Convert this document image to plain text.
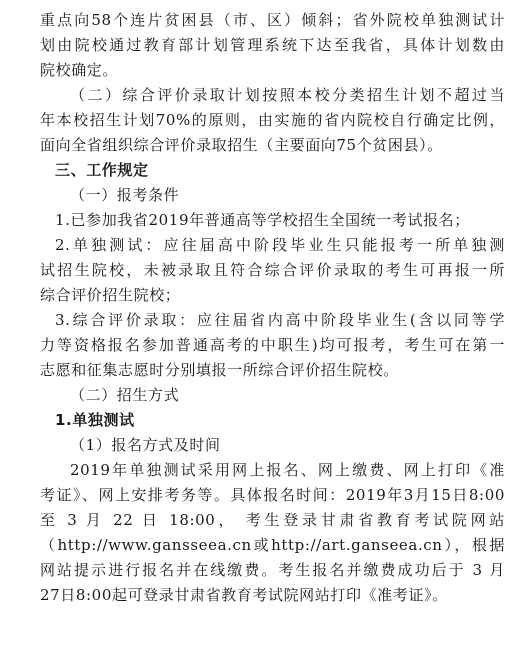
重点向58个连片贫困县（市、区）倾斜；省外院校单独测试计
划由院校通过教育部计划管理系统下达至我省，具体计划数由
院校确定。
（二）综合评价录取计划按照本校分类招生计划不超过当
年本校招生计划70%的原则，由实施的省内院校自行确定比例，
面向全省组织综合评价录取招生（主要面向75个贫困县）。
三、工作规定
（一）报考条件
1.已参加我省2019年普通高等学校招生全国统一考试报名；
2.单独测试：应往届高中阶段毕业生只能报考一所单独测
试招生院校，未被录取且符合综合评价录取的考生可再报一所
综合评价招生院校；
3.综合评价录取：应往届省内高中阶段毕业生(含以同等学
力等资格报名参加普通高考的中职生)均可报考，考生可在第一
志愿和征集志愿时分别填报一所综合评价招生院校。
（二）招生方式
1.单独测试
（1）报名方式及时间
2019年单独测试采用网上报名、网上缴费、网上打印《准
考证》、网上安排考务等。具体报名时间：2019年3月15日8:00
至 3 月 22 日 18:00， 考生登录甘肃省教育考试院网站
（http://www.gansseea.cn或http://art.ganseea.cn），根据
网站提示进行报名并在线缴费。考生报名并缴费成功后于 3 月
27日8:00起可登录甘肃省教育考试院网站打印《准考证》。
